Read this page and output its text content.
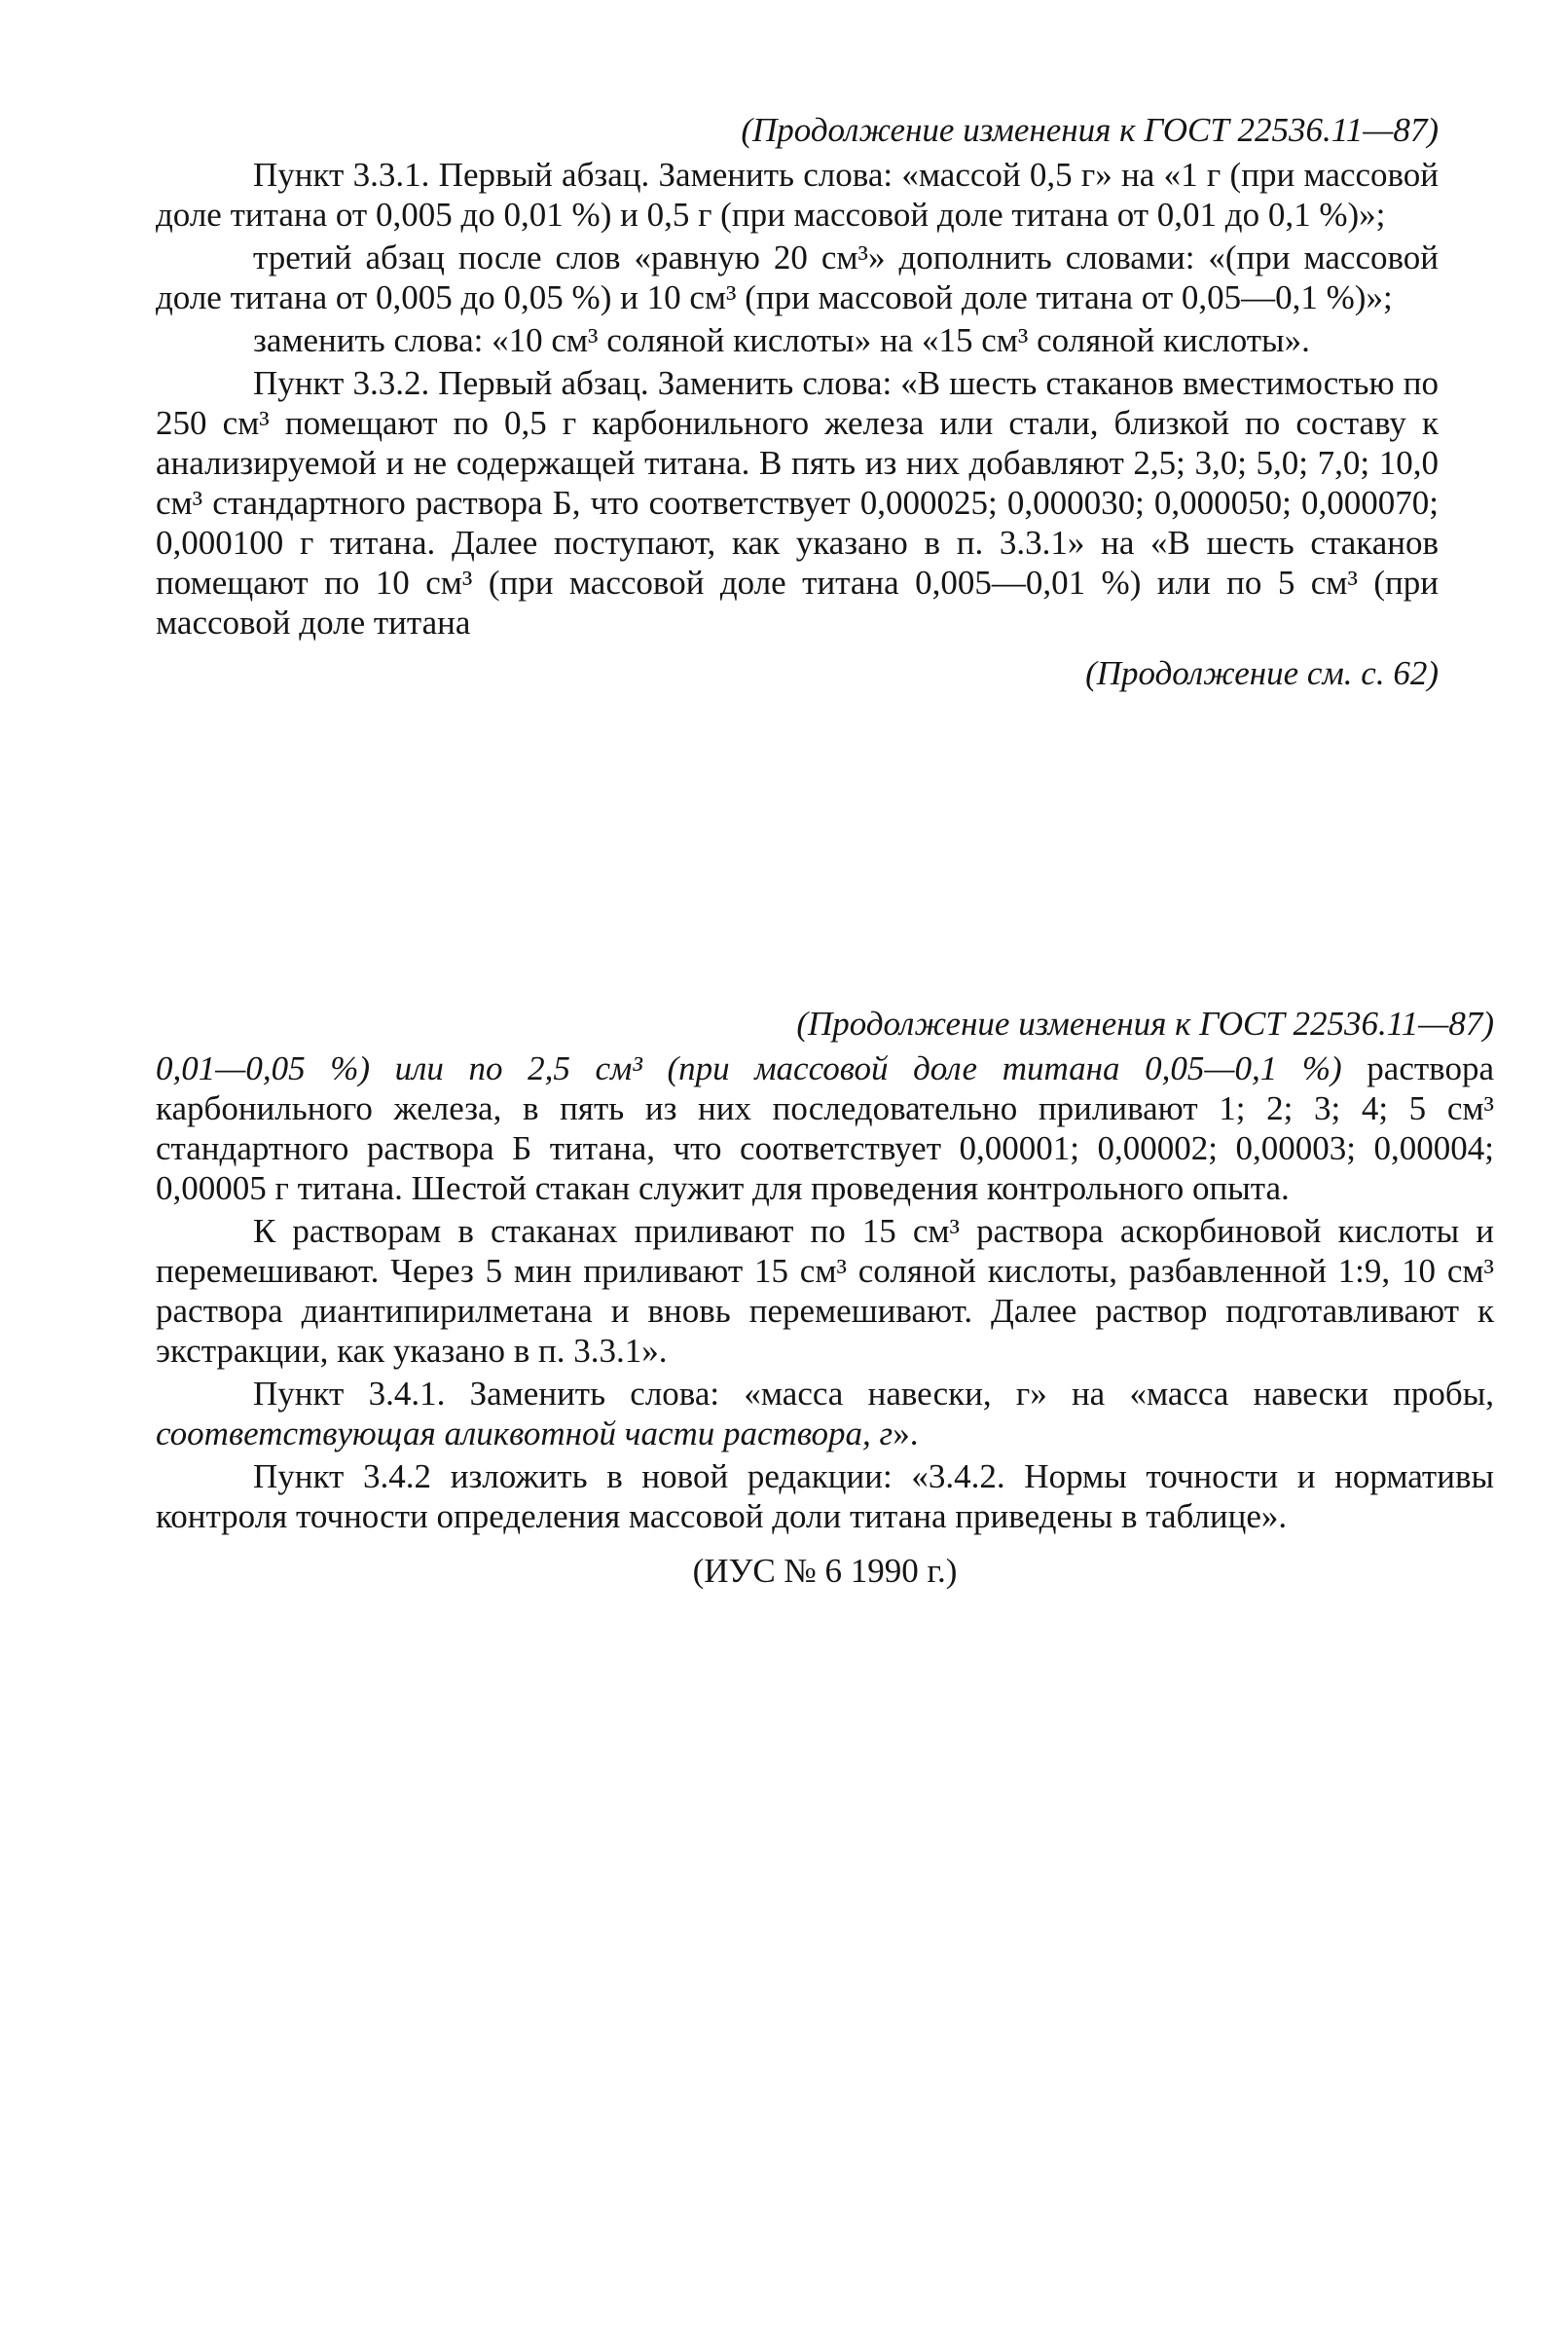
(Продолжение изменения к ГОСТ 22536.11—87)

Пункт 3.3.1. Первый абзац. Заменить слова: «массой 0,5 г» на «1 г (при массовой доле титана от 0,005 до 0,01 %) и 0,5 г (при массовой доле титана от 0,01 до 0,1 %)»;

третий абзац после слов «равную 20 см³» дополнить словами: «(при массовой доле титана от 0,005 до 0,05 %) и 10 см³ (при массовой доле титана от 0,05—0,1 %)»;

заменить слова: «10 см³ соляной кислоты» на «15 см³ соляной кислоты».

Пункт 3.3.2. Первый абзац. Заменить слова: «В шесть стаканов вместимостью по 250 см³ помещают по 0,5 г карбонильного железа или стали, близкой по составу к анализируемой и не содержащей титана. В пять из них добавляют 2,5; 3,0; 5,0; 7,0; 10,0 см³ стандартного раствора Б, что соответствует 0,000025; 0,000030; 0,000050; 0,000070; 0,000100 г титана. Далее поступают, как указано в п. 3.3.1» на «В шесть стаканов помещают по 10 см³ (при массовой доле титана 0,005—0,01 %) или по 5 см³ (при массовой доле титана

(Продолжение см. с. 62)
(Продолжение изменения к ГОСТ 22536.11—87)

0,01—0,05 %) или по 2,5 см³ (при массовой доле титана 0,05—0,1 %) раствора карбонильного железа, в пять из них последовательно приливают 1; 2; 3; 4; 5 см³ стандартного раствора Б титана, что соответствует 0,00001; 0,00002; 0,00003; 0,00004; 0,00005 г титана. Шестой стакан служит для проведения контрольного опыта.

К растворам в стаканах приливают по 15 см³ раствора аскорбиновой кислоты и перемешивают. Через 5 мин приливают 15 см³ соляной кислоты, разбавленной 1:9, 10 см³ раствора диантипирилметана и вновь перемешивают. Далее раствор подготавливают к экстракции, как указано в п. 3.3.1».

Пункт 3.4.1. Заменить слова: «масса навески, г» на «масса навески пробы, соответствующая аликвотной части раствора, г».

Пункт 3.4.2 изложить в новой редакции: «3.4.2. Нормы точности и нормативы контроля точности определения массовой доли титана приведены в таблице».

(ИУС № 6 1990 г.)
